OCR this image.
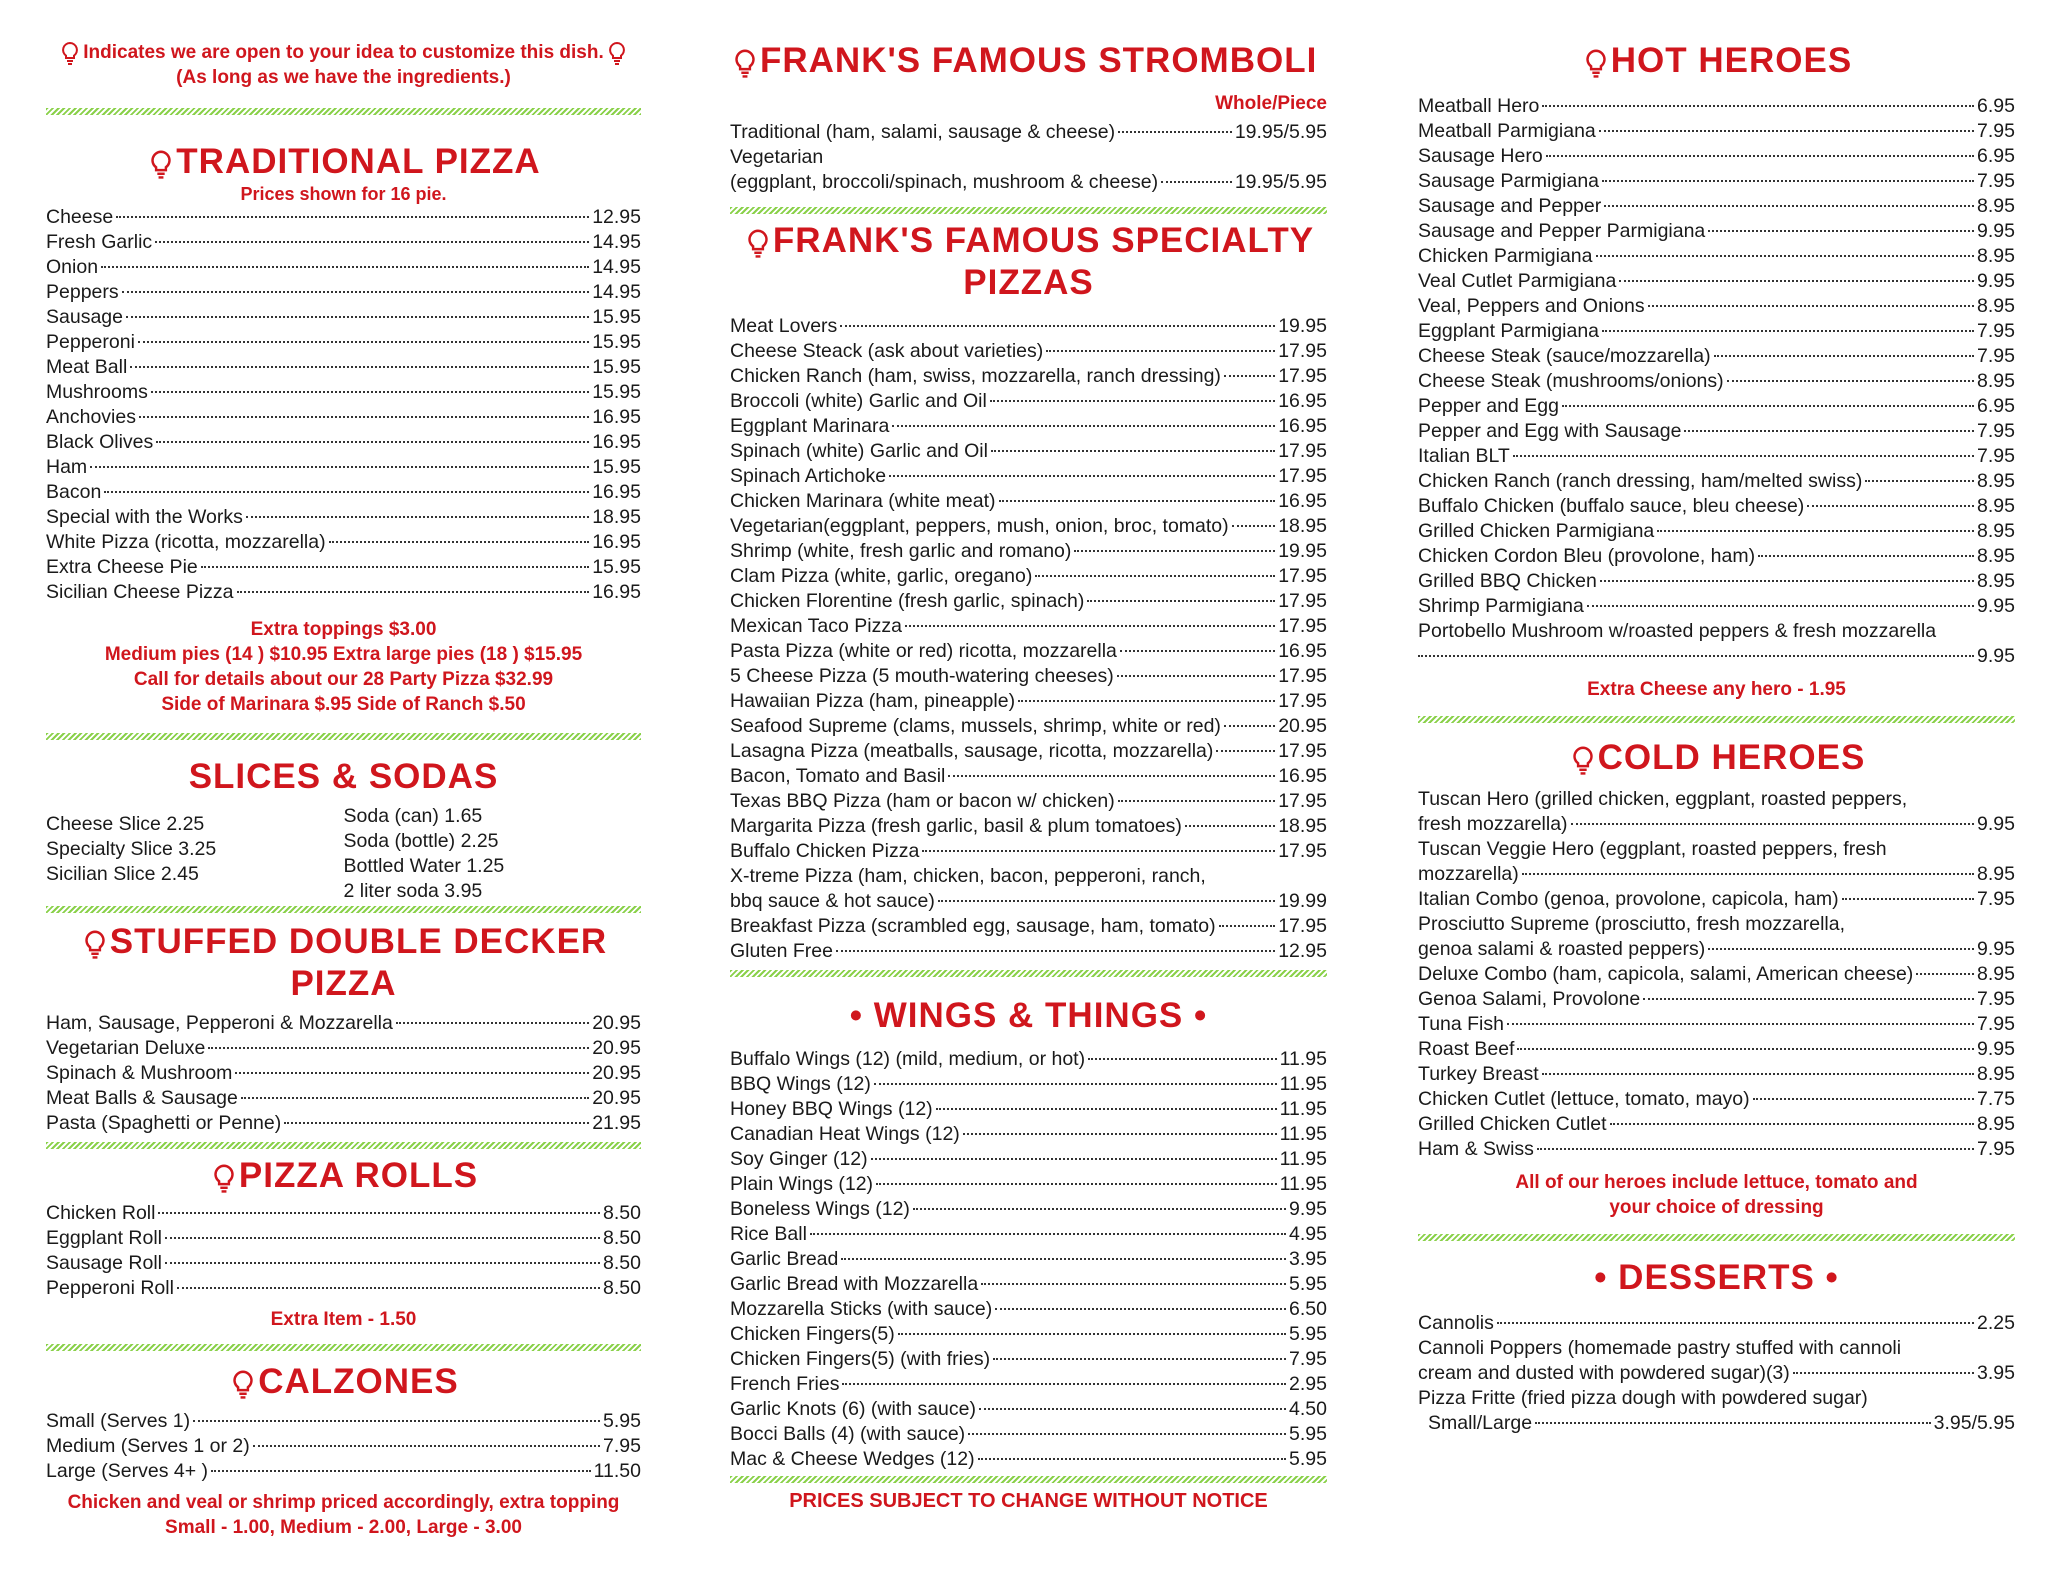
Indicates we are open to your idea to customize this dish.

(As long as we have the ingredients.)
TRADITIONAL PIZZA
Prices shown for 16 pie.
Cheese	12.95
Fresh Garlic	14.95
Onion	14.95
Peppers	14.95
Sausage	15.95
Pepperoni	15.95
Meat Ball	15.95
Mushrooms	15.95
Anchovies	16.95
Black Olives	16.95
Ham	15.95
Bacon	16.95
Special with the Works	18.95
White Pizza (ricotta, mozzarella)	16.95
Extra Cheese Pie	15.95
Sicilian Cheese Pizza	16.95
Extra toppings $3.00
Medium pies (14 ) $10.95 Extra large pies (18 ) $15.95
Call for details about our 28 Party Pizza $32.99
Side of Marinara $.95 Side of Ranch $.50
SLICES & SODAS
Cheese Slice 2.25
Specialty Slice 3.25
Sicilian Slice 2.45
Soda (can) 1.65
Soda (bottle) 2.25
Bottled Water 1.25
2 liter soda 3.95
STUFFED DOUBLE DECKER
PIZZA
Ham, Sausage, Pepperoni & Mozzarella	20.95
Vegetarian Deluxe	20.95
Spinach & Mushroom	20.95
Meat Balls & Sausage	20.95
Pasta (Spaghetti or Penne)	21.95
PIZZA ROLLS
Chicken Roll	8.50
Eggplant Roll	8.50
Sausage Roll	8.50
Pepperoni Roll	8.50
Extra Item - 1.50
CALZONES
Small (Serves 1)	5.95
Medium (Serves 1 or 2)	7.95
Large (Serves 4+ )	11.50
Chicken and veal or shrimp priced accordingly, extra topping
Small - 1.00, Medium - 2.00, Large - 3.00
FRANK'S FAMOUS STROMBOLI
Whole/Piece
Traditional (ham, salami, sausage & cheese)	19.95/5.95
Vegetarian
(eggplant, broccoli/spinach, mushroom & cheese)	19.95/5.95
FRANK'S FAMOUS SPECIALTY
PIZZAS
Meat Lovers	19.95
Cheese Steack (ask about varieties)	17.95
Chicken Ranch (ham, swiss, mozzarella, ranch dressing)	17.95
Broccoli (white) Garlic and Oil	16.95
Eggplant Marinara	16.95
Spinach (white) Garlic and Oil	17.95
Spinach Artichoke	17.95
Chicken Marinara (white meat)	16.95
Vegetarian(eggplant, peppers, mush, onion, broc, tomato)	18.95
Shrimp (white, fresh garlic and romano)	19.95
Clam Pizza (white, garlic, oregano)	17.95
Chicken Florentine (fresh garlic, spinach)	17.95
Mexican Taco Pizza	17.95
Pasta Pizza (white or red) ricotta, mozzarella	16.95
5 Cheese Pizza (5 mouth-watering cheeses)	17.95
Hawaiian Pizza (ham, pineapple)	17.95
Seafood Supreme (clams, mussels, shrimp, white or red)	20.95
Lasagna Pizza (meatballs, sausage, ricotta, mozzarella)	17.95
Bacon, Tomato and Basil	16.95
Texas BBQ Pizza (ham or bacon w/ chicken)	17.95
Margarita Pizza (fresh garlic, basil & plum tomatoes)	18.95
Buffalo Chicken Pizza	17.95
X-treme Pizza (ham, chicken, bacon, pepperoni, ranch,
bbq sauce & hot sauce)	19.99
Breakfast Pizza (scrambled egg, sausage, ham, tomato)	17.95
Gluten Free	12.95
• WINGS & THINGS •
Buffalo Wings (12) (mild, medium, or hot)	11.95
BBQ Wings (12)	11.95
Honey BBQ Wings (12)	11.95
Canadian Heat Wings (12)	11.95
Soy Ginger (12)	11.95
Plain Wings (12)	11.95
Boneless Wings (12)	9.95
Rice Ball	4.95
Garlic Bread	3.95
Garlic Bread with Mozzarella	5.95
Mozzarella Sticks (with sauce)	6.50
Chicken Fingers(5)	5.95
Chicken Fingers(5) (with fries)	7.95
French Fries	2.95
Garlic Knots (6) (with sauce)	4.50
Bocci Balls (4) (with sauce)	5.95
Mac & Cheese Wedges (12)	5.95
PRICES SUBJECT TO CHANGE WITHOUT NOTICE
HOT HEROES
Meatball Hero	6.95
Meatball Parmigiana	7.95
Sausage Hero	6.95
Sausage Parmigiana	7.95
Sausage and Pepper	8.95
Sausage and Pepper Parmigiana	9.95
Chicken Parmigiana	8.95
Veal Cutlet Parmigiana	9.95
Veal, Peppers and Onions	8.95
Eggplant Parmigiana	7.95
Cheese Steak (sauce/mozzarella)	7.95
Cheese Steak (mushrooms/onions)	8.95
Pepper and Egg	6.95
Pepper and Egg with Sausage	7.95
Italian BLT	7.95
Chicken Ranch (ranch dressing, ham/melted swiss)	8.95
Buffalo Chicken (buffalo sauce, bleu cheese)	8.95
Grilled Chicken Parmigiana	8.95
Chicken Cordon Bleu (provolone, ham)	8.95
Grilled BBQ Chicken	8.95
Shrimp Parmigiana	9.95
Portobello Mushroom w/roasted peppers & fresh mozzarella
9.95
Extra Cheese any hero - 1.95
COLD HEROES
Tuscan Hero (grilled chicken, eggplant, roasted peppers,
fresh mozzarella)	9.95
Tuscan Veggie Hero (eggplant, roasted peppers, fresh
mozzarella)	8.95
Italian Combo (genoa, provolone, capicola, ham)	7.95
Prosciutto Supreme (prosciutto, fresh mozzarella,
genoa salami & roasted peppers)	9.95
Deluxe Combo (ham, capicola, salami, American cheese)	8.95
Genoa Salami, Provolone	7.95
Tuna Fish	7.95
Roast Beef	9.95
Turkey Breast	8.95
Chicken Cutlet (lettuce, tomato, mayo)	7.75
Grilled Chicken Cutlet	8.95
Ham & Swiss	7.95
All of our heroes include lettuce, tomato and
your choice of dressing
• DESSERTS •
Cannolis	2.25
Cannoli Poppers (homemade pastry stuffed with cannoli
cream and dusted with powdered sugar)(3)	3.95
Pizza Fritte (fried pizza dough with powdered sugar)
Small/Large	3.95/5.95
